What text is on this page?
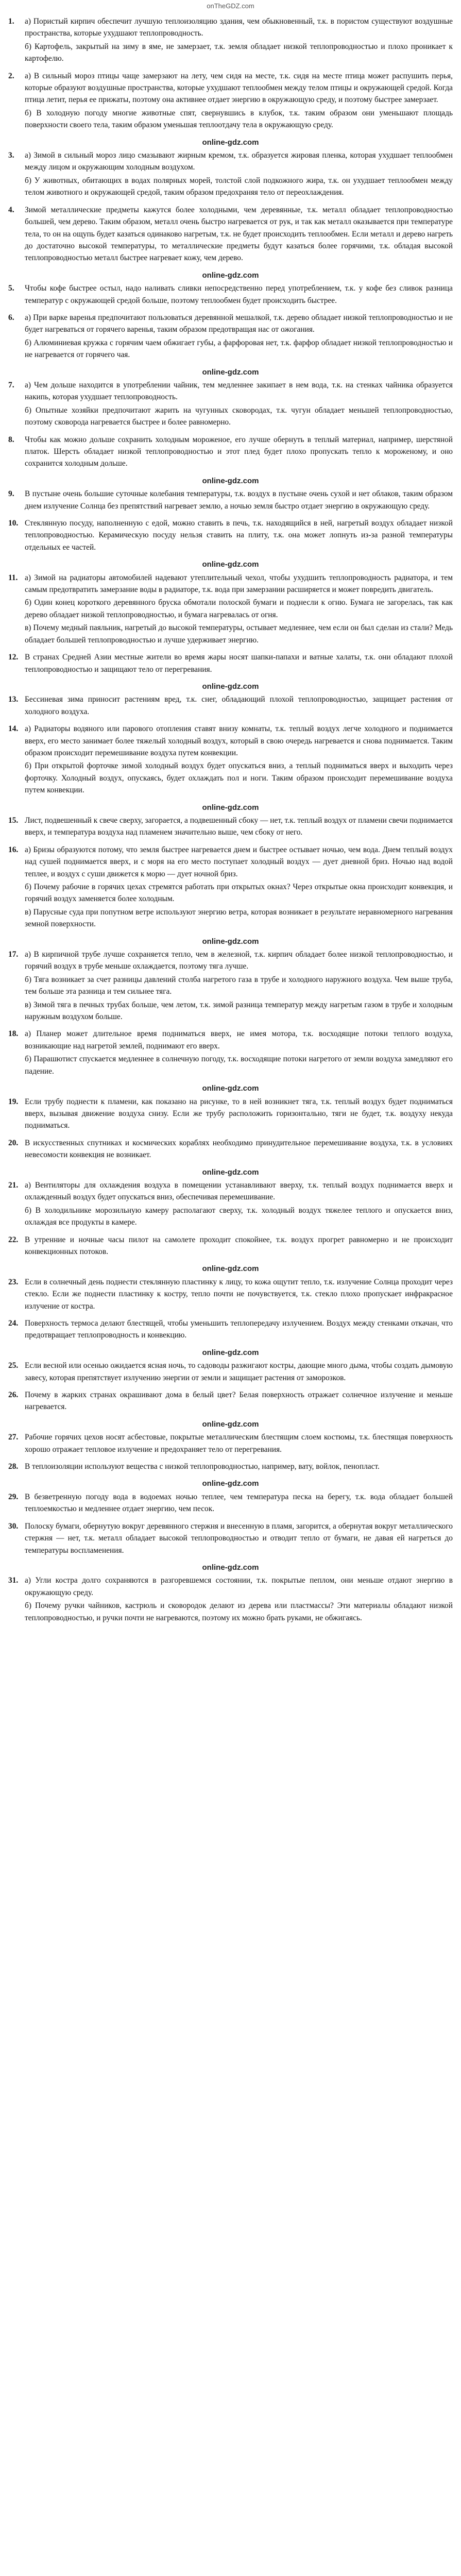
onTheGDZ.com
1. а) Пористый кирпич обеспечит лучшую теплоизоляцию здания, чем обыкновенный, т.к. в пористом существуют воздушные пространства, которые ухудшают теплопроводность.

б) Картофель, закрытый на зиму в яме, не замерзает, т.к. земля обладает низкой теплопроводностью и плохо проникает к картофелю.

2. а) В сильный мороз птицы чаще замерзают на лету, чем сидя на месте, т.к. сидя на месте птица может распушить перья, которые образуют воздушные пространства, которые ухудшают теплообмен между телом птицы и окружающей средой. Когда птица летит, перья ее прижаты, поэтому она активнее отдает энергию в окружающую среду, и поэтому быстрее замерзает.

б) В холодную погоду многие животные спят, свернувшись в клубок, т.к. таким образом они уменьшают площадь поверхности своего тела, таким образом уменьшая теплоотдачу тела в окружающую среду.

online-gdz.com
3. а) Зимой в сильный мороз лицо смазывают жирным кремом, т.к. образуется жировая пленка, которая ухудшает теплообмен между лицом и окружающим холодным воздухом.

б) У животных, обитающих в водах полярных морей, толстой слой подкожного жира, т.к. он ухудшает теплообмен между телом животного и окружающей средой, таким образом предохраняя тело от переохлаждения.

4. Зимой металлические предметы кажутся более холодными, чем деревянные, т.к. металл обладает теплопроводностью большей, чем дерево. Таким образом, металл очень быстро нагревается от рук, и так как металл оказывается при температуре тела, то он на ощупь будет казаться одинаково нагретым, т.к. не будет происходить теплообмен. Если металл и дерево нагреть до достаточно высокой температуры, то металлические предметы будут казаться более горячими, т.к. обладая высокой теплопроводностью металл быстрее нагревает кожу, чем дерево.

online-gdz.com
5. Чтобы кофе быстрее остыл, надо наливать сливки непосредственно перед употреблением, т.к. у кофе без сливок разница температур с окружающей средой больше, поэтому теплообмен будет происходить быстрее.

6. а) При варке варенья предпочитают пользоваться деревянной мешалкой, т.к. дерево обладает низкой теплопроводностью и не будет нагреваться от горячего варенья, таким образом предотвращая нас от ожогания.

б) Алюминиевая кружка с горячим чаем обжигает губы, а фарфоровая нет, т.к. фарфор обладает низкой теплопроводностью и не нагревается от горячего чая.

online-gdz.com
7. а) Чем дольше находится в употреблении чайник, тем медленнее закипает в нем вода, т.к. на стенках чайника образуется накипь, которая ухудшает теплопроводность.

б) Опытные хозяйки предпочитают жарить на чугунных сковородах, т.к. чугун обладает меньшей теплопроводностью, поэтому сковорода нагревается быстрее и более равномерно.

8. Чтобы как можно дольше сохранить холодным мороженое, его лучше обернуть в теплый материал, например, шерстяной платок. Шерсть обладает низкой теплопроводностью и этот плед будет плохо пропускать тепло к мороженому, и оно сохранится холодным дольше.

online-gdz.com
9. В пустыне очень большие суточные колебания температуры, т.к. воздух в пустыне очень сухой и нет облаков, таким образом днем излучение Солнца без препятствий нагревает землю, а ночью земля быстро отдает энергию в окружающую среду.

10. Стеклянную посуду, наполненную с едой, можно ставить в печь, т.к. находящийся в ней, нагретый воздух обладает низкой теплопроводностью. Керамическую посуду нельзя ставить на плиту, т.к. она может лопнуть из-за разной температуры отдельных ее частей.

online-gdz.com
11. а) Зимой на радиаторы автомобилей надевают утеплительный чехол, чтобы ухудшить теплопроводность радиатора, и тем самым предотвратить замерзание воды в радиаторе, т.к. вода при замерзании расширяется и может повредить двигатель.

б) Один конец короткого деревянного бруска обмотали полоской бумаги и поднесли к огню. Бумага не загорелась, так как дерево обладает низкой теплопроводностью, и бумага нагревалась от огня.

в) Почему медный паяльник, нагретый до высокой температуры, остывает медленнее, чем если он был сделан из стали? Медь обладает большей теплопроводностью и лучше удерживает энергию.

12. В странах Средней Азии местные жители во время жары носят шапки-папахи и ватные халаты, т.к. они обладают плохой теплопроводностью и защищают тело от перегревания.

online-gdz.com
13. Бессиневая зима приносит растениям вред, т.к. снег, обладающий плохой теплопроводностью, защищает растения от холодного воздуха.

14. а) Радиаторы водяного или парового отопления ставят внизу комнаты, т.к. теплый воздух легче холодного и поднимается вверх, его место занимает более тяжелый холодный воздух, который в свою очередь нагревается и снова поднимается. Таким образом происходит перемешивание воздуха путем конвекции.

б) При открытой форточке зимой холодный воздух будет опускаться вниз, а теплый подниматься вверх и выходить через форточку. Холодный воздух, опускаясь, будет охлаждать пол и ноги. Таким образом происходит перемешивание воздуха путем конвекции.

online-gdz.com
15. Лист, подвешенный к свече сверху, загорается, а подвешенный сбоку — нет, т.к. теплый воздух от пламени свечи поднимается вверх, и температура воздуха над пламенем значительно выше, чем сбоку от него.

16. а) Бризы образуются потому, что земля быстрее нагревается днем и быстрее остывает ночью, чем вода. Днем теплый воздух над сушей поднимается вверх, и с моря на его место поступает холодный воздух — дует дневной бриз. Ночью над водой теплее, и воздух с суши движется к морю — дует ночной бриз.

б) Почему рабочие в горячих цехах стремятся работать при открытых окнах? Через открытые окна происходит конвекция, и горячий воздух заменяется более холодным.

в) Парусные суда при попутном ветре используют энергию ветра, которая возникает в результате неравномерного нагревания земной поверхности.

online-gdz.com
17. а) В кирпичной трубе лучше сохраняется тепло, чем в железной, т.к. кирпич обладает более низкой теплопроводностью, и горячий воздух в трубе меньше охлаждается, поэтому тяга лучше.

б) Тяга возникает за счет разницы давлений столба нагретого газа в трубе и холодного наружного воздуха. Чем выше труба, тем больше эта разница и тем сильнее тяга.

в) Зимой тяга в печных трубах больше, чем летом, т.к. зимой разница температур между нагретым газом в трубе и холодным наружным воздухом больше.

18. а) Планер может длительное время подниматься вверх, не имея мотора, т.к. восходящие потоки теплого воздуха, возникающие над нагретой землей, поднимают его вверх.

б) Парашютист спускается медленнее в солнечную погоду, т.к. восходящие потоки нагретого от земли воздуха замедляют его падение.

online-gdz.com
19. Если трубу поднести к пламени, как показано на рисунке, то в ней возникнет тяга, т.к. теплый воздух будет подниматься вверх, вызывая движение воздуха снизу. Если же трубу расположить горизонтально, тяги не будет, т.к. воздуху некуда подниматься.

20. В искусственных спутниках и космических кораблях необходимо принудительное перемешивание воздуха, т.к. в условиях невесомости конвекция не возникает.

online-gdz.com
21. а) Вентиляторы для охлаждения воздуха в помещении устанавливают вверху, т.к. теплый воздух поднимается вверх и охлажденный воздух будет опускаться вниз, обеспечивая перемешивание.

б) В холодильнике морозильную камеру располагают сверху, т.к. холодный воздух тяжелее теплого и опускается вниз, охлаждая все продукты в камере.

22. В утренние и ночные часы пилот на самолете проходит спокойнее, т.к. воздух прогрет равномерно и не происходит конвекционных потоков.

online-gdz.com
23. Если в солнечный день поднести стеклянную пластинку к лицу, то кожа ощутит тепло, т.к. излучение Солнца проходит через стекло. Если же поднести пластинку к костру, тепло почти не почувствуется, т.к. стекло плохо пропускает инфракрасное излучение от костра.

24. Поверхность термоса делают блестящей, чтобы уменьшить теплопередачу излучением. Воздух между стенками откачан, что предотвращает теплопроводность и конвекцию.

online-gdz.com
25. Если весной или осенью ожидается ясная ночь, то садоводы разжигают костры, дающие много дыма, чтобы создать дымовую завесу, которая препятствует излучению энергии от земли и защищает растения от заморозков.

26. Почему в жарких странах окрашивают дома в белый цвет? Белая поверхность отражает солнечное излучение и меньше нагревается.

online-gdz.com
27. Рабочие горячих цехов носят асбестовые, покрытые металлическим блестящим слоем костюмы, т.к. блестящая поверхность хорошо отражает тепловое излучение и предохраняет тело от перегревания.

28. В теплоизоляции используют вещества с низкой теплопроводностью, например, вату, войлок, пенопласт.

online-gdz.com
29. В безветренную погоду вода в водоемах ночью теплее, чем температура песка на берегу, т.к. вода обладает большей теплоемкостью и медленнее отдает энергию, чем песок.

30. Полоску бумаги, обернутую вокруг деревянного стержня и внесенную в пламя, загорится, а обернутая вокруг металлического стержня — нет, т.к. металл обладает высокой теплопроводностью и отводит тепло от бумаги, не давая ей нагреться до температуры воспламенения.

online-gdz.com
31. а) Угли костра долго сохраняются в разгоревшемся состоянии, т.к. покрытые пеплом, они меньше отдают энергию в окружающую среду.

б) Почему ручки чайников, кастрюль и сковородок делают из дерева или пластмассы? Эти материалы обладают низкой теплопроводностью, и ручки почти не нагреваются, поэтому их можно брать руками, не обжигаясь.
